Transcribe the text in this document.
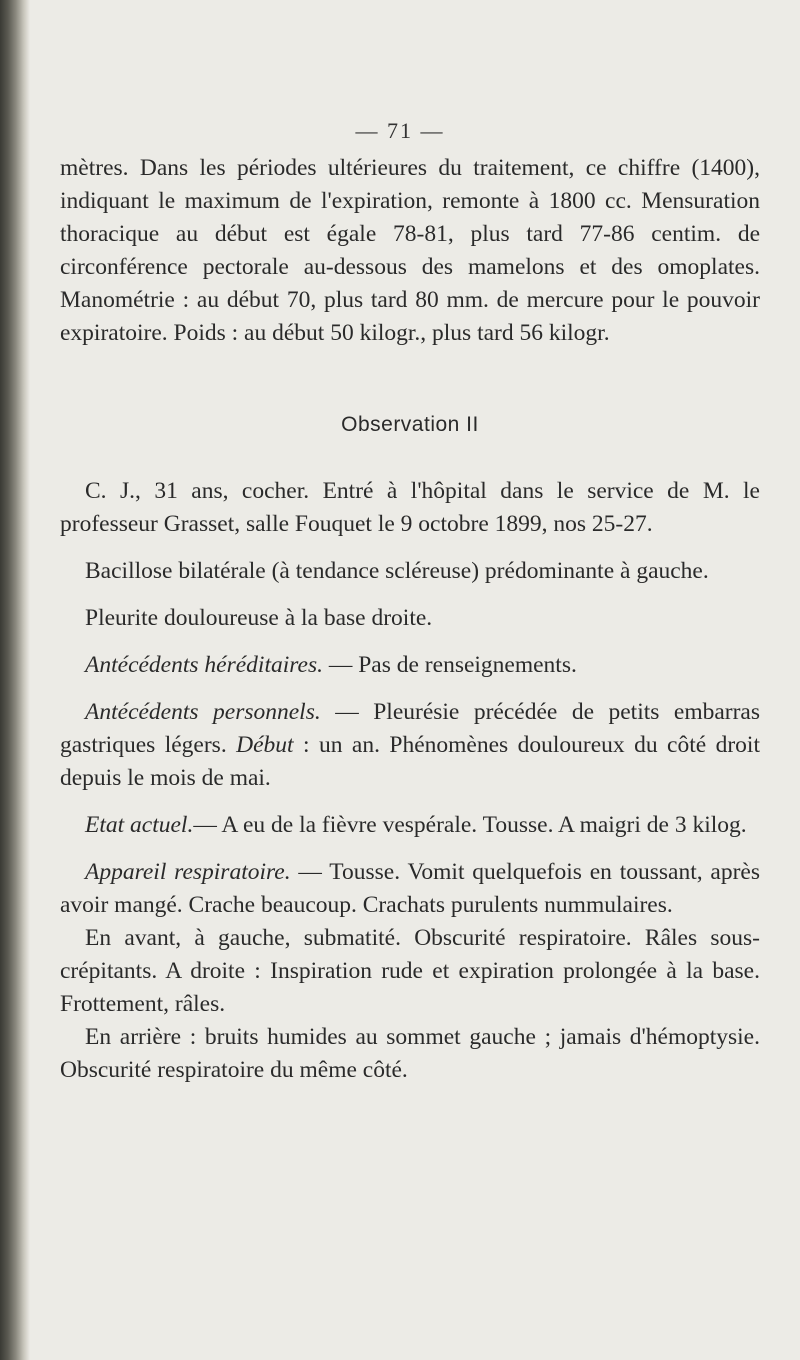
— 71 —

mètres. Dans les périodes ultérieures du traitement, ce chiffre (1400), indiquant le maximum de l'expiration, remonte à 1800 cc. Mensuration thoracique au début est égale 78-81, plus tard 77-86 centim. de circonférence pectorale au-dessous des mamelons et des omoplates. Manométrie : au début 70, plus tard 80 mm. de mercure pour le pouvoir expiratoire. Poids : au début 50 kilogr., plus tard 56 kilogr.

Observation II

C. J., 31 ans, cocher. Entré à l'hôpital dans le service de M. le professeur Grasset, salle Fouquet le 9 octobre 1899, nos 25-27.

Bacillose bilatérale (à tendance scléreuse) prédominante à gauche.

Pleurite douloureuse à la base droite.

Antécédents héréditaires. — Pas de renseignements.

Antécédents personnels. — Pleurésie précédée de petits embarras gastriques légers. Début : un an. Phénomènes douloureux du côté droit depuis le mois de mai.

Etat actuel.— A eu de la fièvre vespérale. Tousse. A maigri de 3 kilog.

Appareil respiratoire. — Tousse. Vomit quelquefois en toussant, après avoir mangé. Crache beaucoup. Crachats purulents nummulaires.

En avant, à gauche, submatité. Obscurité respiratoire. Râles sous-crépitants. A droite : Inspiration rude et expiration prolongée à la base. Frottement, râles.

En arrière : bruits humides au sommet gauche ; jamais d'hémoptysie. Obscurité respiratoire du même côté.
